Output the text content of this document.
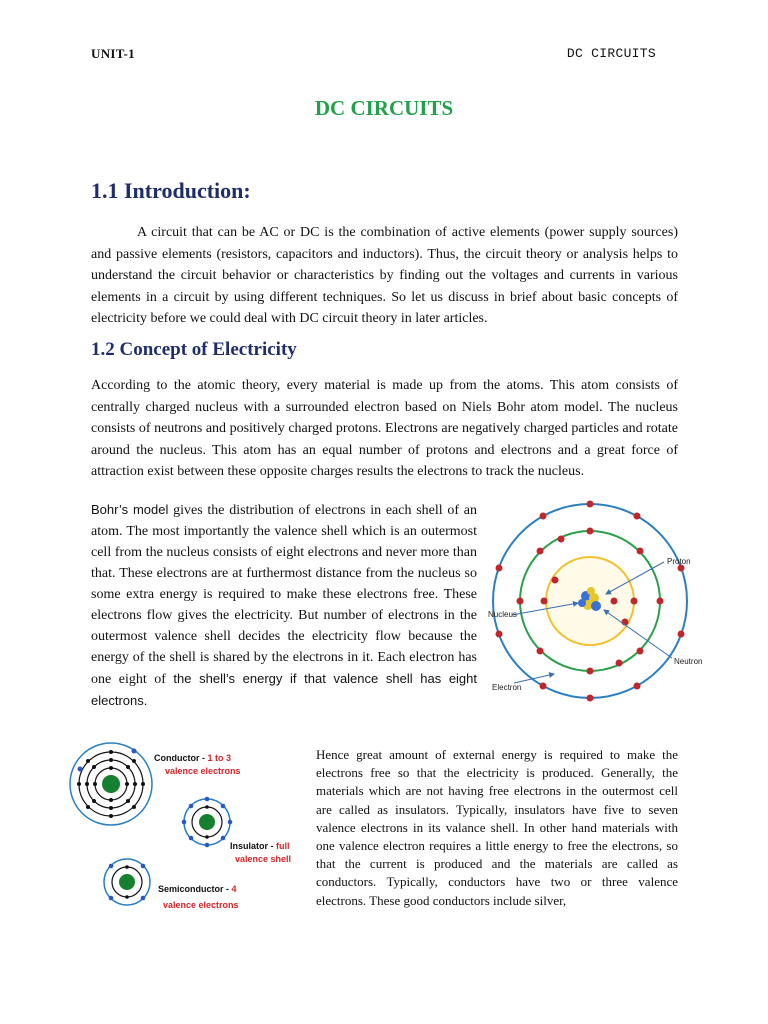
UNIT-1	DC CIRCUITS
DC CIRCUITS
1.1 Introduction:

A circuit that can be AC or DC is the combination of active elements (power supply sources) and passive elements (resistors, capacitors and inductors). Thus, the circuit theory or analysis helps to understand the circuit behavior or characteristics by finding out the voltages and currents in various elements in a circuit by using different techniques. So let us discuss in brief about basic concepts of electricity before we could deal with DC circuit theory in later articles.

1.2 Concept of Electricity

According to the atomic theory, every material is made up from the atoms. This atom consists of centrally charged nucleus with a surrounded electron based on Niels Bohr atom model. The nucleus consists of neutrons and positively charged protons. Electrons are negatively charged particles and rotate around the nucleus. This atom has an equal number of protons and electrons and a great force of attraction exist between these opposite charges results the electrons to track the nucleus.

Bohr’s model gives the distribution of electrons in each shell of an atom. The most importantly the valence shell which is an outermost cell from the nucleus consists of eight electrons and never more than that. These electrons are at furthermost distance from the nucleus so some extra energy is required to make these electrons free. These electrons flow gives the electricity. But number of electrons in the outermost valence shell decides the electricity flow because the energy of the shell is shared by the electrons in it. Each electron has one eight of the shell’s energy if that valence shell has eight electrons.

Proton
Nucleus
Neutron
Electron
Conductor - 1 to 3
valence electrons
Insulator - full
valence shell
Semiconductor - 4
valence electrons

Hence great amount of external energy is required to make the electrons free so that the electricity is produced. Generally, the materials which are not having free electrons in the outermost cell are called as insulators. Typically, insulators have five to seven valence electrons in its valance shell. In other hand materials with one valence electron requires a little energy to free the electrons, so that the current is produced and the materials are called as conductors. Typically, conductors have two or three valence electrons. These good conductors include silver,
